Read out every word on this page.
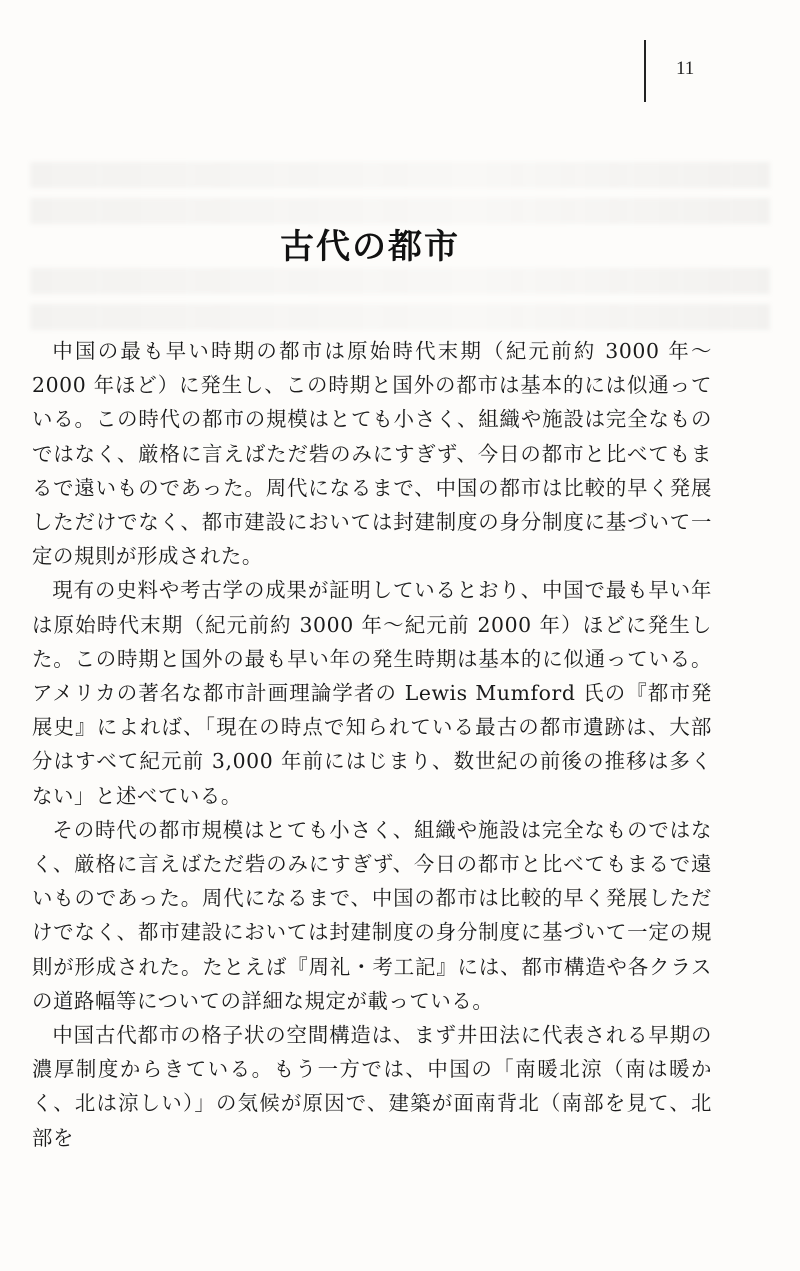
11
古代の都市

中国の最も早い時期の都市は原始時代末期（紀元前約 3000 年～2000 年ほど）に発生し、この時期と国外の都市は基本的には似通っている。この時代の都市の規模はとても小さく、組織や施設は完全なものではなく、厳格に言えばただ砦のみにすぎず、今日の都市と比べてもまるで遠いものであった。周代になるまで、中国の都市は比較的早く発展しただけでなく、都市建設においては封建制度の身分制度に基づいて一定の規則が形成された。

現有の史料や考古学の成果が証明しているとおり、中国で最も早い年は原始時代末期（紀元前約 3000 年～紀元前 2000 年）ほどに発生した。この時期と国外の最も早い年の発生時期は基本的に似通っている。アメリカの著名な都市計画理論学者の Lewis Mumford 氏の『都市発展史』によれば、「現在の時点で知られている最古の都市遺跡は、大部分はすべて紀元前 3,000 年前にはじまり、数世紀の前後の推移は多くない」と述べている。

その時代の都市規模はとても小さく、組織や施設は完全なものではなく、厳格に言えばただ砦のみにすぎず、今日の都市と比べてもまるで遠いものであった。周代になるまで、中国の都市は比較的早く発展しただけでなく、都市建設においては封建制度の身分制度に基づいて一定の規則が形成された。たとえば『周礼・考工記』には、都市構造や各クラスの道路幅等についての詳細な規定が載っている。

中国古代都市の格子状の空間構造は、まず井田法に代表される早期の濃厚制度からきている。もう一方では、中国の「南暖北涼（南は暖かく、北は涼しい）」の気候が原因で、建築が面南背北（南部を見て、北部を
